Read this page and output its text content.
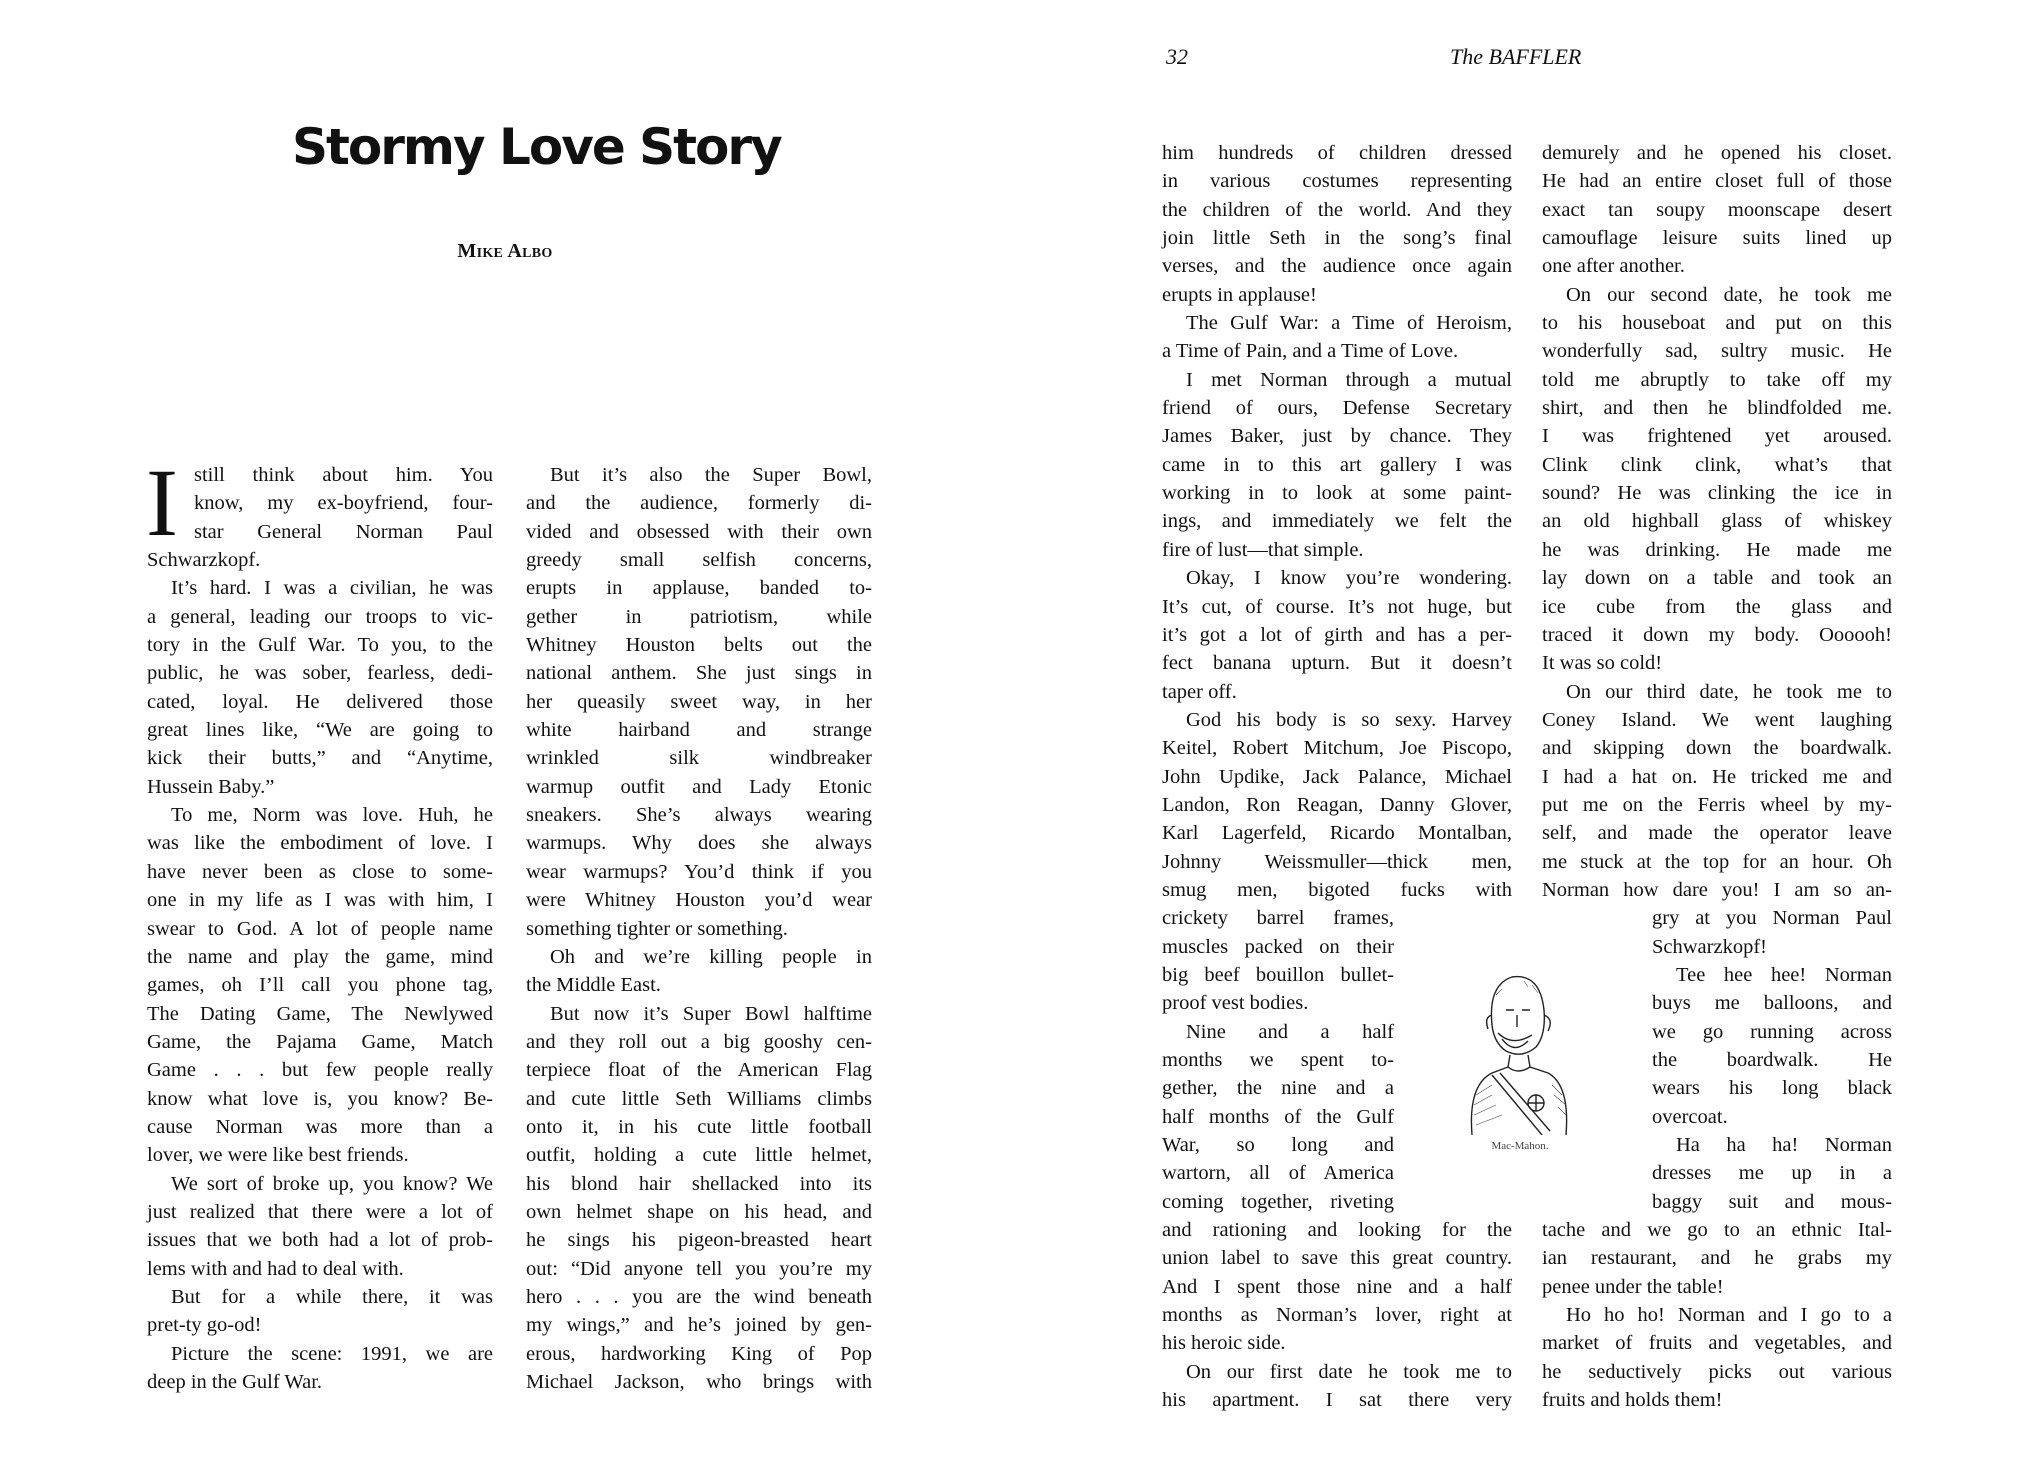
32	The BAFFLER
Stormy Love Story
Mike Albo
I still think about him. You
know, my ex-boyfriend, four-
star General Norman Paul
Schwarzkopf.
It’s hard. I was a civilian, he was
a general, leading our troops to vic-
tory in the Gulf War. To you, to the
public, he was sober, fearless, dedi-
cated, loyal. He delivered those
great lines like, “We are going to
kick their butts,” and “Anytime,
Hussein Baby.”
To me, Norm was love. Huh, he
was like the embodiment of love. I
have never been as close to some-
one in my life as I was with him, I
swear to God. A lot of people name
the name and play the game, mind
games, oh I’ll call you phone tag,
The Dating Game, The Newlywed
Game, the Pajama Game, Match
Game . . . but few people really
know what love is, you know? Be-
cause Norman was more than a
lover, we were like best friends.
We sort of broke up, you know? We
just realized that there were a lot of
issues that we both had a lot of prob-
lems with and had to deal with.
But for a while there, it was
pret-ty go-od!
Picture the scene: 1991, we are
deep in the Gulf War.
But it’s also the Super Bowl,
and the audience, formerly di-
vided and obsessed with their own
greedy small selfish concerns,
erupts in applause, banded to-
gether in patriotism, while
Whitney Houston belts out the
national anthem. She just sings in
her queasily sweet way, in her
white hairband and strange
wrinkled silk windbreaker
warmup outfit and Lady Etonic
sneakers. She’s always wearing
warmups. Why does she always
wear warmups? You’d think if you
were Whitney Houston you’d wear
something tighter or something.
Oh and we’re killing people in
the Middle East.
But now it’s Super Bowl halftime
and they roll out a big gooshy cen-
terpiece float of the American Flag
and cute little Seth Williams climbs
onto it, in his cute little football
outfit, holding a cute little helmet,
his blond hair shellacked into its
own helmet shape on his head, and
he sings his pigeon-breasted heart
out: “Did anyone tell you you’re my
hero . . . you are the wind beneath
my wings,” and he’s joined by gen-
erous, hardworking King of Pop
Michael Jackson, who brings with
him hundreds of children dressed
in various costumes representing
the children of the world. And they
join little Seth in the song’s final
verses, and the audience once again
erupts in applause!
The Gulf War: a Time of Heroism,
a Time of Pain, and a Time of Love.
I met Norman through a mutual
friend of ours, Defense Secretary
James Baker, just by chance. They
came in to this art gallery I was
working in to look at some paint-
ings, and immediately we felt the
fire of lust—that simple.
Okay, I know you’re wondering.
It’s cut, of course. It’s not huge, but
it’s got a lot of girth and has a per-
fect banana upturn. But it doesn’t
taper off.
God his body is so sexy. Harvey
Keitel, Robert Mitchum, Joe Piscopo,
John Updike, Jack Palance, Michael
Landon, Ron Reagan, Danny Glover,
Karl Lagerfeld, Ricardo Montalban,
Johnny Weissmuller—thick men,
smug men, bigoted fucks with
crickety barrel frames,
muscles packed on their
big beef bouillon bullet-
proof vest bodies.
Nine and a half
months we spent to-
gether, the nine and a
half months of the Gulf
War, so long and
wartorn, all of America
coming together, riveting
and rationing and looking for the
union label to save this great country.
And I spent those nine and a half
months as Norman’s lover, right at
his heroic side.
On our first date he took me to
his apartment. I sat there very
demurely and he opened his closet.
He had an entire closet full of those
exact tan soupy moonscape desert
camouflage leisure suits lined up
one after another.
On our second date, he took me
to his houseboat and put on this
wonderfully sad, sultry music. He
told me abruptly to take off my
shirt, and then he blindfolded me.
I was frightened yet aroused.
Clink clink clink, what’s that
sound? He was clinking the ice in
an old highball glass of whiskey
he was drinking. He made me
lay down on a table and took an
ice cube from the glass and
traced it down my body. Oooooh!
It was so cold!
On our third date, he took me to
Coney Island. We went laughing
and skipping down the boardwalk.
I had a hat on. He tricked me and
put me on the Ferris wheel by my-
self, and made the operator leave
me stuck at the top for an hour. Oh
Norman how dare you! I am so an-
gry at you Norman Paul
Schwarzkopf!
Tee hee hee! Norman
buys me balloons, and
we go running across
the boardwalk. He
wears his long black
overcoat.
Ha ha ha! Norman
dresses me up in a
baggy suit and mous-
tache and we go to an ethnic Ital-
ian restaurant, and he grabs my
penee under the table!
Ho ho ho! Norman and I go to a
market of fruits and vegetables, and
he seductively picks out various
fruits and holds them!
Mac-Mahon.
